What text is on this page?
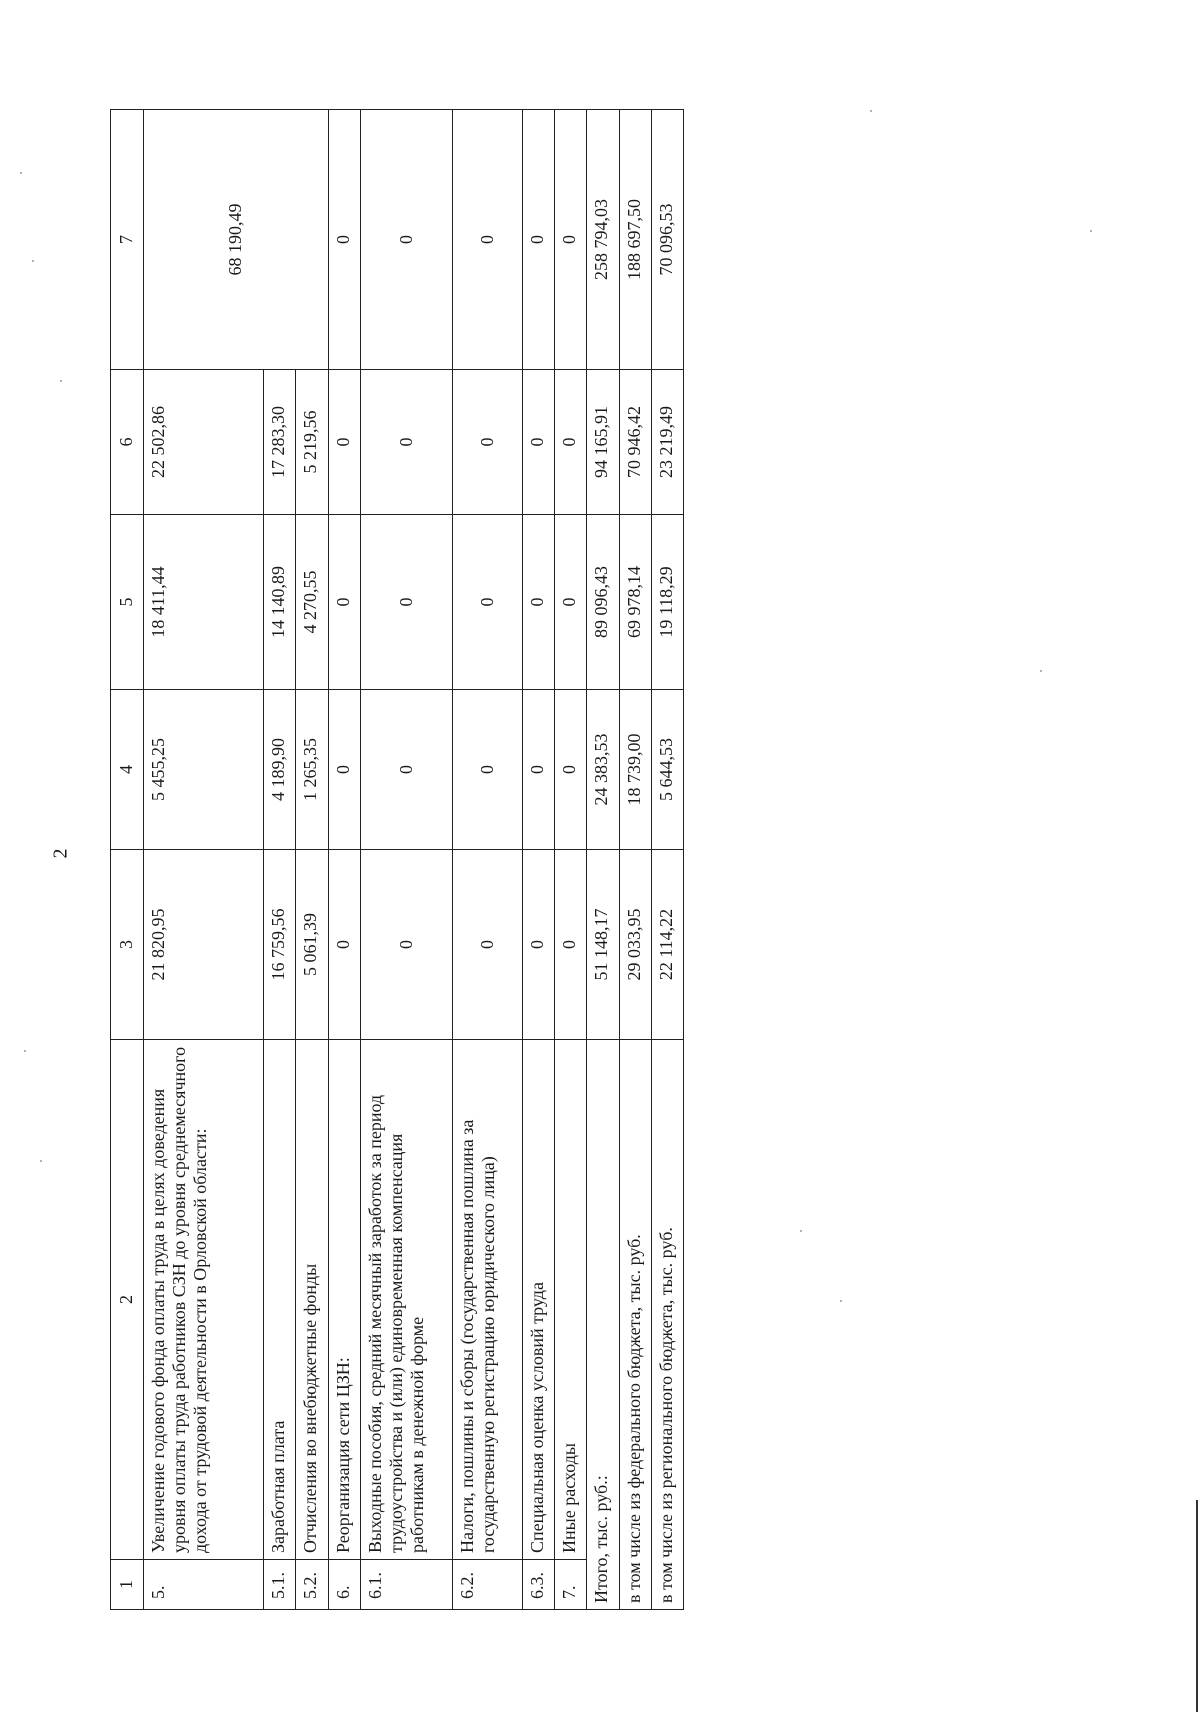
2
1	2	3	4	5	6	7
5.	Увеличение годового фонда оплаты труда в целях доведения уровня оплаты труда работников СЗН до уровня среднемесячного дохода от трудовой деятельности в Орловской области:	21 820,95	5 455,25	18 411,44	22 502,86	68 190,49
5.1.	Заработная плата	16 759,56	4 189,90	14 140,89	17 283,30	
5.2.	Отчисления во внебюджетные фонды	5 061,39	1 265,35	4 270,55	5 219,56	
6.	Реорганизация сети ЦЗН:	0	0	0	0	0
6.1.	Выходные пособия, средний месячный заработок за период трудоустройства и (или) единовременная компенсация работникам в денежной форме	0	0	0	0	0
6.2.	Налоги, пошлины и сборы (государственная пошлина за государственную регистрацию юридического лица)	0	0	0	0	0
6.3.	Специальная оценка условий труда	0	0	0	0	0
7.	Иные расходы	0	0	0	0	0
Итого, тыс. руб.:		51 148,17	24 383,53	89 096,43	94 165,91	258 794,03
в том числе из федерального бюджета, тыс. руб.		29 033,95	18 739,00	69 978,14	70 946,42	188 697,50
в том числе из регионального бюджета, тыс. руб.		22 114,22	5 644,53	19 118,29	23 219,49	70 096,53
